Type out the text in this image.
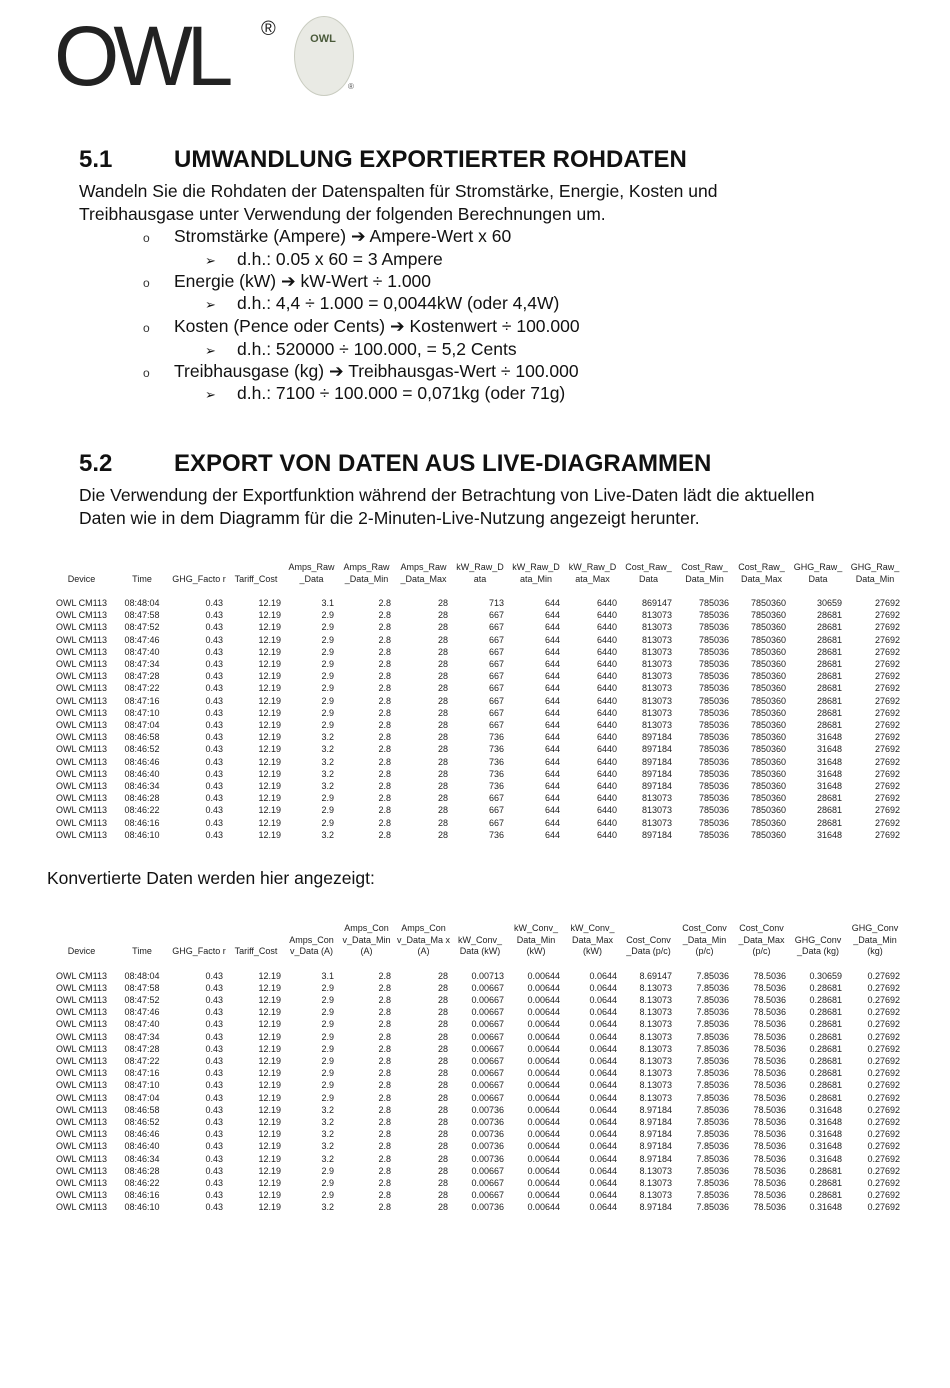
OWL ®	OWL
®
5.1	UMWANDLUNG EXPORTIERTER ROHDATEN
Wandeln Sie die Rohdaten der Datenspalten für Stromstärke, Energie, Kosten und
Treibhausgase unter Verwendung der folgenden Berechnungen um.
o Stromstärke (Ampere) ➔ Ampere-Wert x 60
➢ d.h.: 0.05 x 60 = 3 Ampere
o Energie (kW) ➔ kW-Wert ÷ 1.000
➢ d.h.: 4,4 ÷ 1.000 = 0,0044kW (oder 4,4W)
o Kosten (Pence oder Cents) ➔ Kostenwert ÷ 100.000
➢ d.h.: 520000 ÷ 100.000, = 5,2 Cents
o Treibhausgase (kg) ➔ Treibhausgas-Wert ÷ 100.000
➢ d.h.: 7100 ÷ 100.000 = 0,071kg (oder 71g)
5.2	EXPORT VON DATEN AUS LIVE-DIAGRAMMEN
Die Verwendung der Exportfunktion während der Betrachtung von Live-Daten lädt die aktuellen
Daten wie in dem Diagramm für die 2-Minuten-Live-Nutzung angezeigt herunter.
Device	Time	GHG_Facto r	Tariff_Cost	Amps_Raw _Data	Amps_Raw _Data_Min	Amps_Raw _Data_Max	kW_Raw_D ata	kW_Raw_D ata_Min	kW_Raw_D ata_Max	Cost_Raw_ Data	Cost_Raw_ Data_Min	Cost_Raw_ Data_Max	GHG_Raw_ Data	GHG_Raw_ Data_Min

OWL CM113	08:48:04	0.43	12.19	3.1	2.8	28	713	644	6440	869147	785036	7850360	30659	27692
OWL CM113	08:47:58	0.43	12.19	2.9	2.8	28	667	644	6440	813073	785036	7850360	28681	27692
OWL CM113	08:47:52	0.43	12.19	2.9	2.8	28	667	644	6440	813073	785036	7850360	28681	27692
OWL CM113	08:47:46	0.43	12.19	2.9	2.8	28	667	644	6440	813073	785036	7850360	28681	27692
OWL CM113	08:47:40	0.43	12.19	2.9	2.8	28	667	644	6440	813073	785036	7850360	28681	27692
OWL CM113	08:47:34	0.43	12.19	2.9	2.8	28	667	644	6440	813073	785036	7850360	28681	27692
OWL CM113	08:47:28	0.43	12.19	2.9	2.8	28	667	644	6440	813073	785036	7850360	28681	27692
OWL CM113	08:47:22	0.43	12.19	2.9	2.8	28	667	644	6440	813073	785036	7850360	28681	27692
OWL CM113	08:47:16	0.43	12.19	2.9	2.8	28	667	644	6440	813073	785036	7850360	28681	27692
OWL CM113	08:47:10	0.43	12.19	2.9	2.8	28	667	644	6440	813073	785036	7850360	28681	27692
OWL CM113	08:47:04	0.43	12.19	2.9	2.8	28	667	644	6440	813073	785036	7850360	28681	27692
OWL CM113	08:46:58	0.43	12.19	3.2	2.8	28	736	644	6440	897184	785036	7850360	31648	27692
OWL CM113	08:46:52	0.43	12.19	3.2	2.8	28	736	644	6440	897184	785036	7850360	31648	27692
OWL CM113	08:46:46	0.43	12.19	3.2	2.8	28	736	644	6440	897184	785036	7850360	31648	27692
OWL CM113	08:46:40	0.43	12.19	3.2	2.8	28	736	644	6440	897184	785036	7850360	31648	27692
OWL CM113	08:46:34	0.43	12.19	3.2	2.8	28	736	644	6440	897184	785036	7850360	31648	27692
OWL CM113	08:46:28	0.43	12.19	2.9	2.8	28	667	644	6440	813073	785036	7850360	28681	27692
OWL CM113	08:46:22	0.43	12.19	2.9	2.8	28	667	644	6440	813073	785036	7850360	28681	27692
OWL CM113	08:46:16	0.43	12.19	2.9	2.8	28	667	644	6440	813073	785036	7850360	28681	27692
OWL CM113	08:46:10	0.43	12.19	3.2	2.8	28	736	644	6440	897184	785036	7850360	31648	27692
Konvertierte Daten werden hier angezeigt:
Device	Time	GHG_Facto r	Tariff_Cost	Amps_Con v_Data (A)	Amps_Con v_Data_Min (A)	Amps_Con v_Data_Ma x (A)	kW_Conv_ Data (kW)	kW_Conv_ Data_Min (kW)	kW_Conv_ Data_Max (kW)	Cost_Conv _Data (p/c)	Cost_Conv _Data_Min (p/c)	Cost_Conv _Data_Max (p/c)	GHG_Conv _Data (kg)	GHG_Conv _Data_Min (kg)

OWL CM113	08:48:04	0.43	12.19	3.1	2.8	28	0.00713	0.00644	0.0644	8.69147	7.85036	78.5036	0.30659	0.27692
OWL CM113	08:47:58	0.43	12.19	2.9	2.8	28	0.00667	0.00644	0.0644	8.13073	7.85036	78.5036	0.28681	0.27692
OWL CM113	08:47:52	0.43	12.19	2.9	2.8	28	0.00667	0.00644	0.0644	8.13073	7.85036	78.5036	0.28681	0.27692
OWL CM113	08:47:46	0.43	12.19	2.9	2.8	28	0.00667	0.00644	0.0644	8.13073	7.85036	78.5036	0.28681	0.27692
OWL CM113	08:47:40	0.43	12.19	2.9	2.8	28	0.00667	0.00644	0.0644	8.13073	7.85036	78.5036	0.28681	0.27692
OWL CM113	08:47:34	0.43	12.19	2.9	2.8	28	0.00667	0.00644	0.0644	8.13073	7.85036	78.5036	0.28681	0.27692
OWL CM113	08:47:28	0.43	12.19	2.9	2.8	28	0.00667	0.00644	0.0644	8.13073	7.85036	78.5036	0.28681	0.27692
OWL CM113	08:47:22	0.43	12.19	2.9	2.8	28	0.00667	0.00644	0.0644	8.13073	7.85036	78.5036	0.28681	0.27692
OWL CM113	08:47:16	0.43	12.19	2.9	2.8	28	0.00667	0.00644	0.0644	8.13073	7.85036	78.5036	0.28681	0.27692
OWL CM113	08:47:10	0.43	12.19	2.9	2.8	28	0.00667	0.00644	0.0644	8.13073	7.85036	78.5036	0.28681	0.27692
OWL CM113	08:47:04	0.43	12.19	2.9	2.8	28	0.00667	0.00644	0.0644	8.13073	7.85036	78.5036	0.28681	0.27692
OWL CM113	08:46:58	0.43	12.19	3.2	2.8	28	0.00736	0.00644	0.0644	8.97184	7.85036	78.5036	0.31648	0.27692
OWL CM113	08:46:52	0.43	12.19	3.2	2.8	28	0.00736	0.00644	0.0644	8.97184	7.85036	78.5036	0.31648	0.27692
OWL CM113	08:46:46	0.43	12.19	3.2	2.8	28	0.00736	0.00644	0.0644	8.97184	7.85036	78.5036	0.31648	0.27692
OWL CM113	08:46:40	0.43	12.19	3.2	2.8	28	0.00736	0.00644	0.0644	8.97184	7.85036	78.5036	0.31648	0.27692
OWL CM113	08:46:34	0.43	12.19	3.2	2.8	28	0.00736	0.00644	0.0644	8.97184	7.85036	78.5036	0.31648	0.27692
OWL CM113	08:46:28	0.43	12.19	2.9	2.8	28	0.00667	0.00644	0.0644	8.13073	7.85036	78.5036	0.28681	0.27692
OWL CM113	08:46:22	0.43	12.19	2.9	2.8	28	0.00667	0.00644	0.0644	8.13073	7.85036	78.5036	0.28681	0.27692
OWL CM113	08:46:16	0.43	12.19	2.9	2.8	28	0.00667	0.00644	0.0644	8.13073	7.85036	78.5036	0.28681	0.27692
OWL CM113	08:46:10	0.43	12.19	3.2	2.8	28	0.00736	0.00644	0.0644	8.97184	7.85036	78.5036	0.31648	0.27692
